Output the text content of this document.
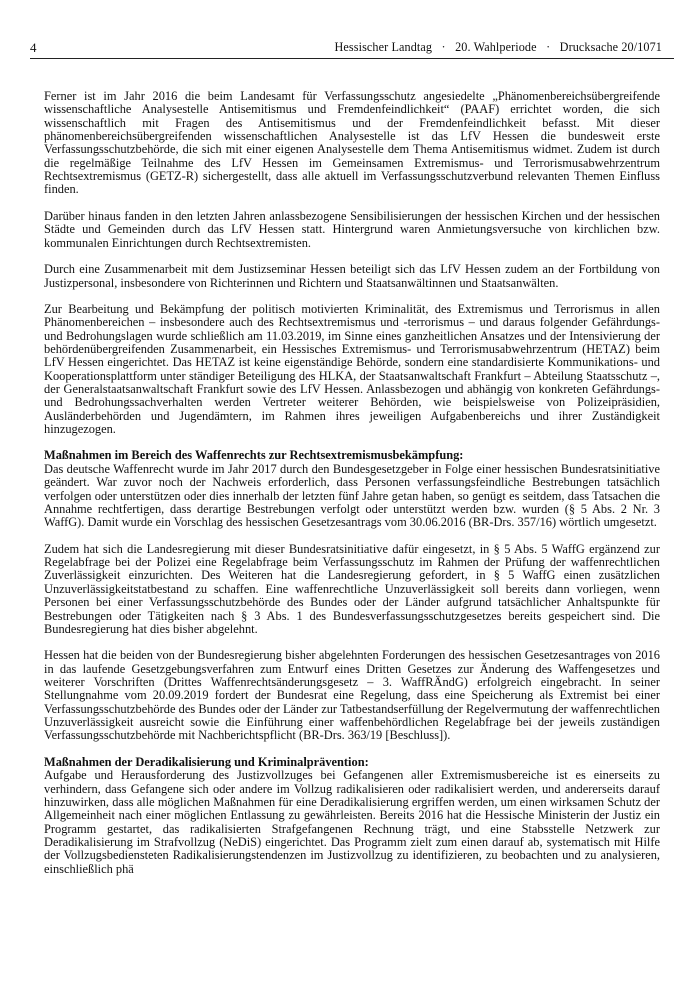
4	Hessischer Landtag   ·   20. Wahlperiode   ·   Drucksache 20/1071

Ferner ist im Jahr 2016 die beim Landesamt für Verfassungsschutz angesiedelte „Phänomenbereichsübergreifende wissenschaftliche Analysestelle Antisemitismus und Fremdenfeindlichkeit“ (PAAF) errichtet worden, die sich wissenschaftlich mit Fragen des Antisemitismus und der Fremdenfeindlichkeit befasst. Mit dieser phänomenbereichsübergreifenden wissenschaftlichen Analysestelle ist das LfV Hessen die bundesweit erste Verfassungsschutzbehörde, die sich mit einer eigenen Analysestelle dem Thema Antisemitismus widmet. Zudem ist durch die regelmäßige Teilnahme des LfV Hessen im Gemeinsamen Extremismus- und Terrorismusabwehrzentrum Rechtsextremismus (GETZ-R) sichergestellt, dass alle aktuell im Verfassungsschutzverbund relevanten Themen Einfluss finden.

Darüber hinaus fanden in den letzten Jahren anlassbezogene Sensibilisierungen der hessischen Kirchen und der hessischen Städte und Gemeinden durch das LfV Hessen statt. Hintergrund waren Anmietungsversuche von kirchlichen bzw. kommunalen Einrichtungen durch Rechtsextremisten.

Durch eine Zusammenarbeit mit dem Justizseminar Hessen beteiligt sich das LfV Hessen zudem an der Fortbildung von Justizpersonal, insbesondere von Richterinnen und Richtern und Staatsanwältinnen und Staatsanwälten.

Zur Bearbeitung und Bekämpfung der politisch motivierten Kriminalität, des Extremismus und Terrorismus in allen Phänomenbereichen – insbesondere auch des Rechtsextremismus und -terrorismus – und daraus folgender Gefährdungs- und Bedrohungslagen wurde schließlich am 11.03.2019, im Sinne eines ganzheitlichen Ansatzes und der Intensivierung der behördenübergreifenden Zusammenarbeit, ein Hessisches Extremismus- und Terrorismusabwehrzentrum (HETAZ) beim LfV Hessen eingerichtet. Das HETAZ ist keine eigenständige Behörde, sondern eine standardisierte Kommunikations- und Kooperationsplattform unter ständiger Beteiligung des HLKA, der Staatsanwaltschaft Frankfurt – Abteilung Staatsschutz –, der Generalstaatsanwaltschaft Frankfurt sowie des LfV Hessen. Anlassbezogen und abhängig von konkreten Gefährdungs- und Bedrohungssachverhalten werden Vertreter weiterer Behörden, wie beispielsweise von Polizeipräsidien, Ausländerbehörden und Jugendämtern, im Rahmen ihres jeweiligen Aufgabenbereichs und ihrer Zuständigkeit hinzugezogen.

Maßnahmen im Bereich des Waffenrechts zur Rechtsextremismusbekämpfung:

Das deutsche Waffenrecht wurde im Jahr 2017 durch den Bundesgesetzgeber in Folge einer hessischen Bundesratsinitiative geändert. War zuvor noch der Nachweis erforderlich, dass Personen verfassungsfeindliche Bestrebungen tatsächlich verfolgen oder unterstützen oder dies innerhalb der letzten fünf Jahre getan haben, so genügt es seitdem, dass Tatsachen die Annahme rechtfertigen, dass derartige Bestrebungen verfolgt oder unterstützt werden bzw. wurden (§ 5 Abs. 2 Nr. 3 WaffG). Damit wurde ein Vorschlag des hessischen Gesetzesantrags vom 30.06.2016 (BR-Drs. 357/16) wörtlich umgesetzt.

Zudem hat sich die Landesregierung mit dieser Bundesratsinitiative dafür eingesetzt, in § 5 Abs. 5 WaffG ergänzend zur Regelabfrage bei der Polizei eine Regelabfrage beim Verfassungsschutz im Rahmen der Prüfung der waffenrechtlichen Zuverlässigkeit einzurichten. Des Weiteren hat die Landesregierung gefordert, in § 5 WaffG einen zusätzlichen Unzuverlässigkeitstatbestand zu schaffen. Eine waffenrechtliche Unzuverlässigkeit soll bereits dann vorliegen, wenn Personen bei einer Verfassungsschutzbehörde des Bundes oder der Länder aufgrund tatsächlicher Anhaltspunkte für Bestrebungen oder Tätigkeiten nach § 3 Abs. 1 des Bundesverfassungsschutzgesetzes bereits gespeichert sind. Die Bundesregierung hat dies bisher abgelehnt.

Hessen hat die beiden von der Bundesregierung bisher abgelehnten Forderungen des hessischen Gesetzesantrages von 2016 in das laufende Gesetzgebungsverfahren zum Entwurf eines Dritten Gesetzes zur Änderung des Waffengesetzes und weiterer Vorschriften (Drittes Waffenrechtsänderungsgesetz – 3. WaffRÄndG) erfolgreich eingebracht. In seiner Stellungnahme vom 20.09.2019 fordert der Bundesrat eine Regelung, dass eine Speicherung als Extremist bei einer Verfassungsschutzbehörde des Bundes oder der Länder zur Tatbestandserfüllung der Regelvermutung der waffenrechtlichen Unzuverlässigkeit ausreicht sowie die Einführung einer waffenbehördlichen Regelabfrage bei der jeweils zuständigen Verfassungsschutzbehörde mit Nachberichtspflicht (BR-Drs. 363/19 [Beschluss]).

Maßnahmen der Deradikalisierung und Kriminalprävention:

Aufgabe und Herausforderung des Justizvollzuges bei Gefangenen aller Extremismusbereiche ist es einerseits zu verhindern, dass Gefangene sich oder andere im Vollzug radikalisieren oder radikalisiert werden, und andererseits darauf hinzuwirken, dass alle möglichen Maßnahmen für eine Deradikalisierung ergriffen werden, um einen wirksamen Schutz der Allgemeinheit nach einer möglichen Entlassung zu gewährleisten. Bereits 2016 hat die Hessische Ministerin der Justiz ein Programm gestartet, das radikalisierten Strafgefangenen Rechnung trägt, und eine Stabsstelle Netzwerk zur Deradikalisierung im Strafvollzug (NeDiS) eingerichtet. Das Programm zielt zum einen darauf ab, systematisch mit Hilfe der Vollzugsbediensteten Radikalisierungstendenzen im Justizvollzug zu identifizieren, zu beobachten und zu analysieren, einschließlich phä
